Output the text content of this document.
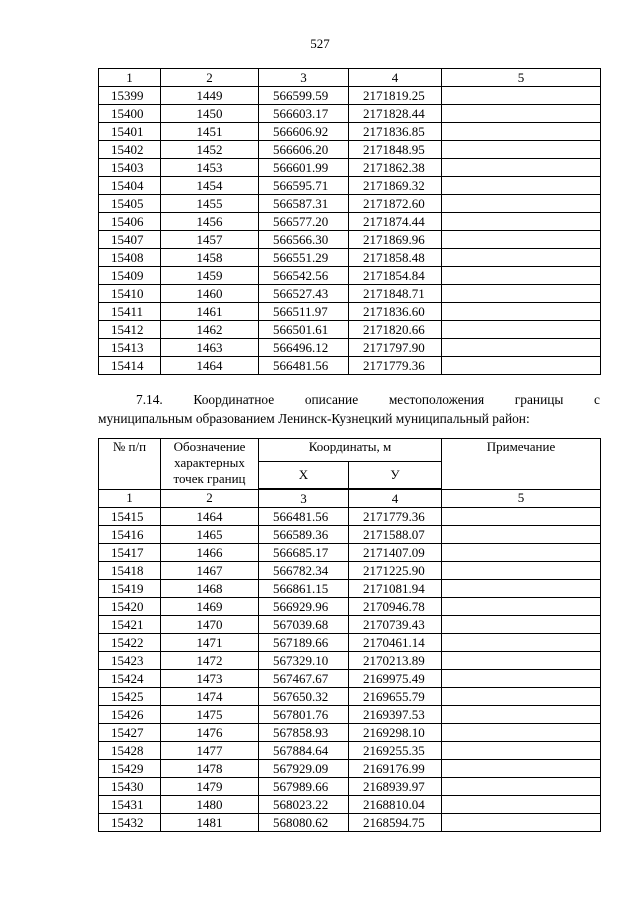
527
1	2	3	4	5
15399	1449	566599.59	2171819.25	
15400	1450	566603.17	2171828.44	
15401	1451	566606.92	2171836.85	
15402	1452	566606.20	2171848.95	
15403	1453	566601.99	2171862.38	
15404	1454	566595.71	2171869.32	
15405	1455	566587.31	2171872.60	
15406	1456	566577.20	2171874.44	
15407	1457	566566.30	2171869.96	
15408	1458	566551.29	2171858.48	
15409	1459	566542.56	2171854.84	
15410	1460	566527.43	2171848.71	
15411	1461	566511.97	2171836.60	
15412	1462	566501.61	2171820.66	
15413	1463	566496.12	2171797.90	
15414	1464	566481.56	2171779.36	
7.14. Координатное описание местоположения границы с
муниципальным образованием Ленинск-Кузнецкий муниципальный район:
№ п/п	Обозначение характерных точек границ	Координаты, м		Примечание
		X	У	
1	2	3	4	5
15415	1464	566481.56	2171779.36	
15416	1465	566589.36	2171588.07	
15417	1466	566685.17	2171407.09	
15418	1467	566782.34	2171225.90	
15419	1468	566861.15	2171081.94	
15420	1469	566929.96	2170946.78	
15421	1470	567039.68	2170739.43	
15422	1471	567189.66	2170461.14	
15423	1472	567329.10	2170213.89	
15424	1473	567467.67	2169975.49	
15425	1474	567650.32	2169655.79	
15426	1475	567801.76	2169397.53	
15427	1476	567858.93	2169298.10	
15428	1477	567884.64	2169255.35	
15429	1478	567929.09	2169176.99	
15430	1479	567989.66	2168939.97	
15431	1480	568023.22	2168810.04	
15432	1481	568080.62	2168594.75	
